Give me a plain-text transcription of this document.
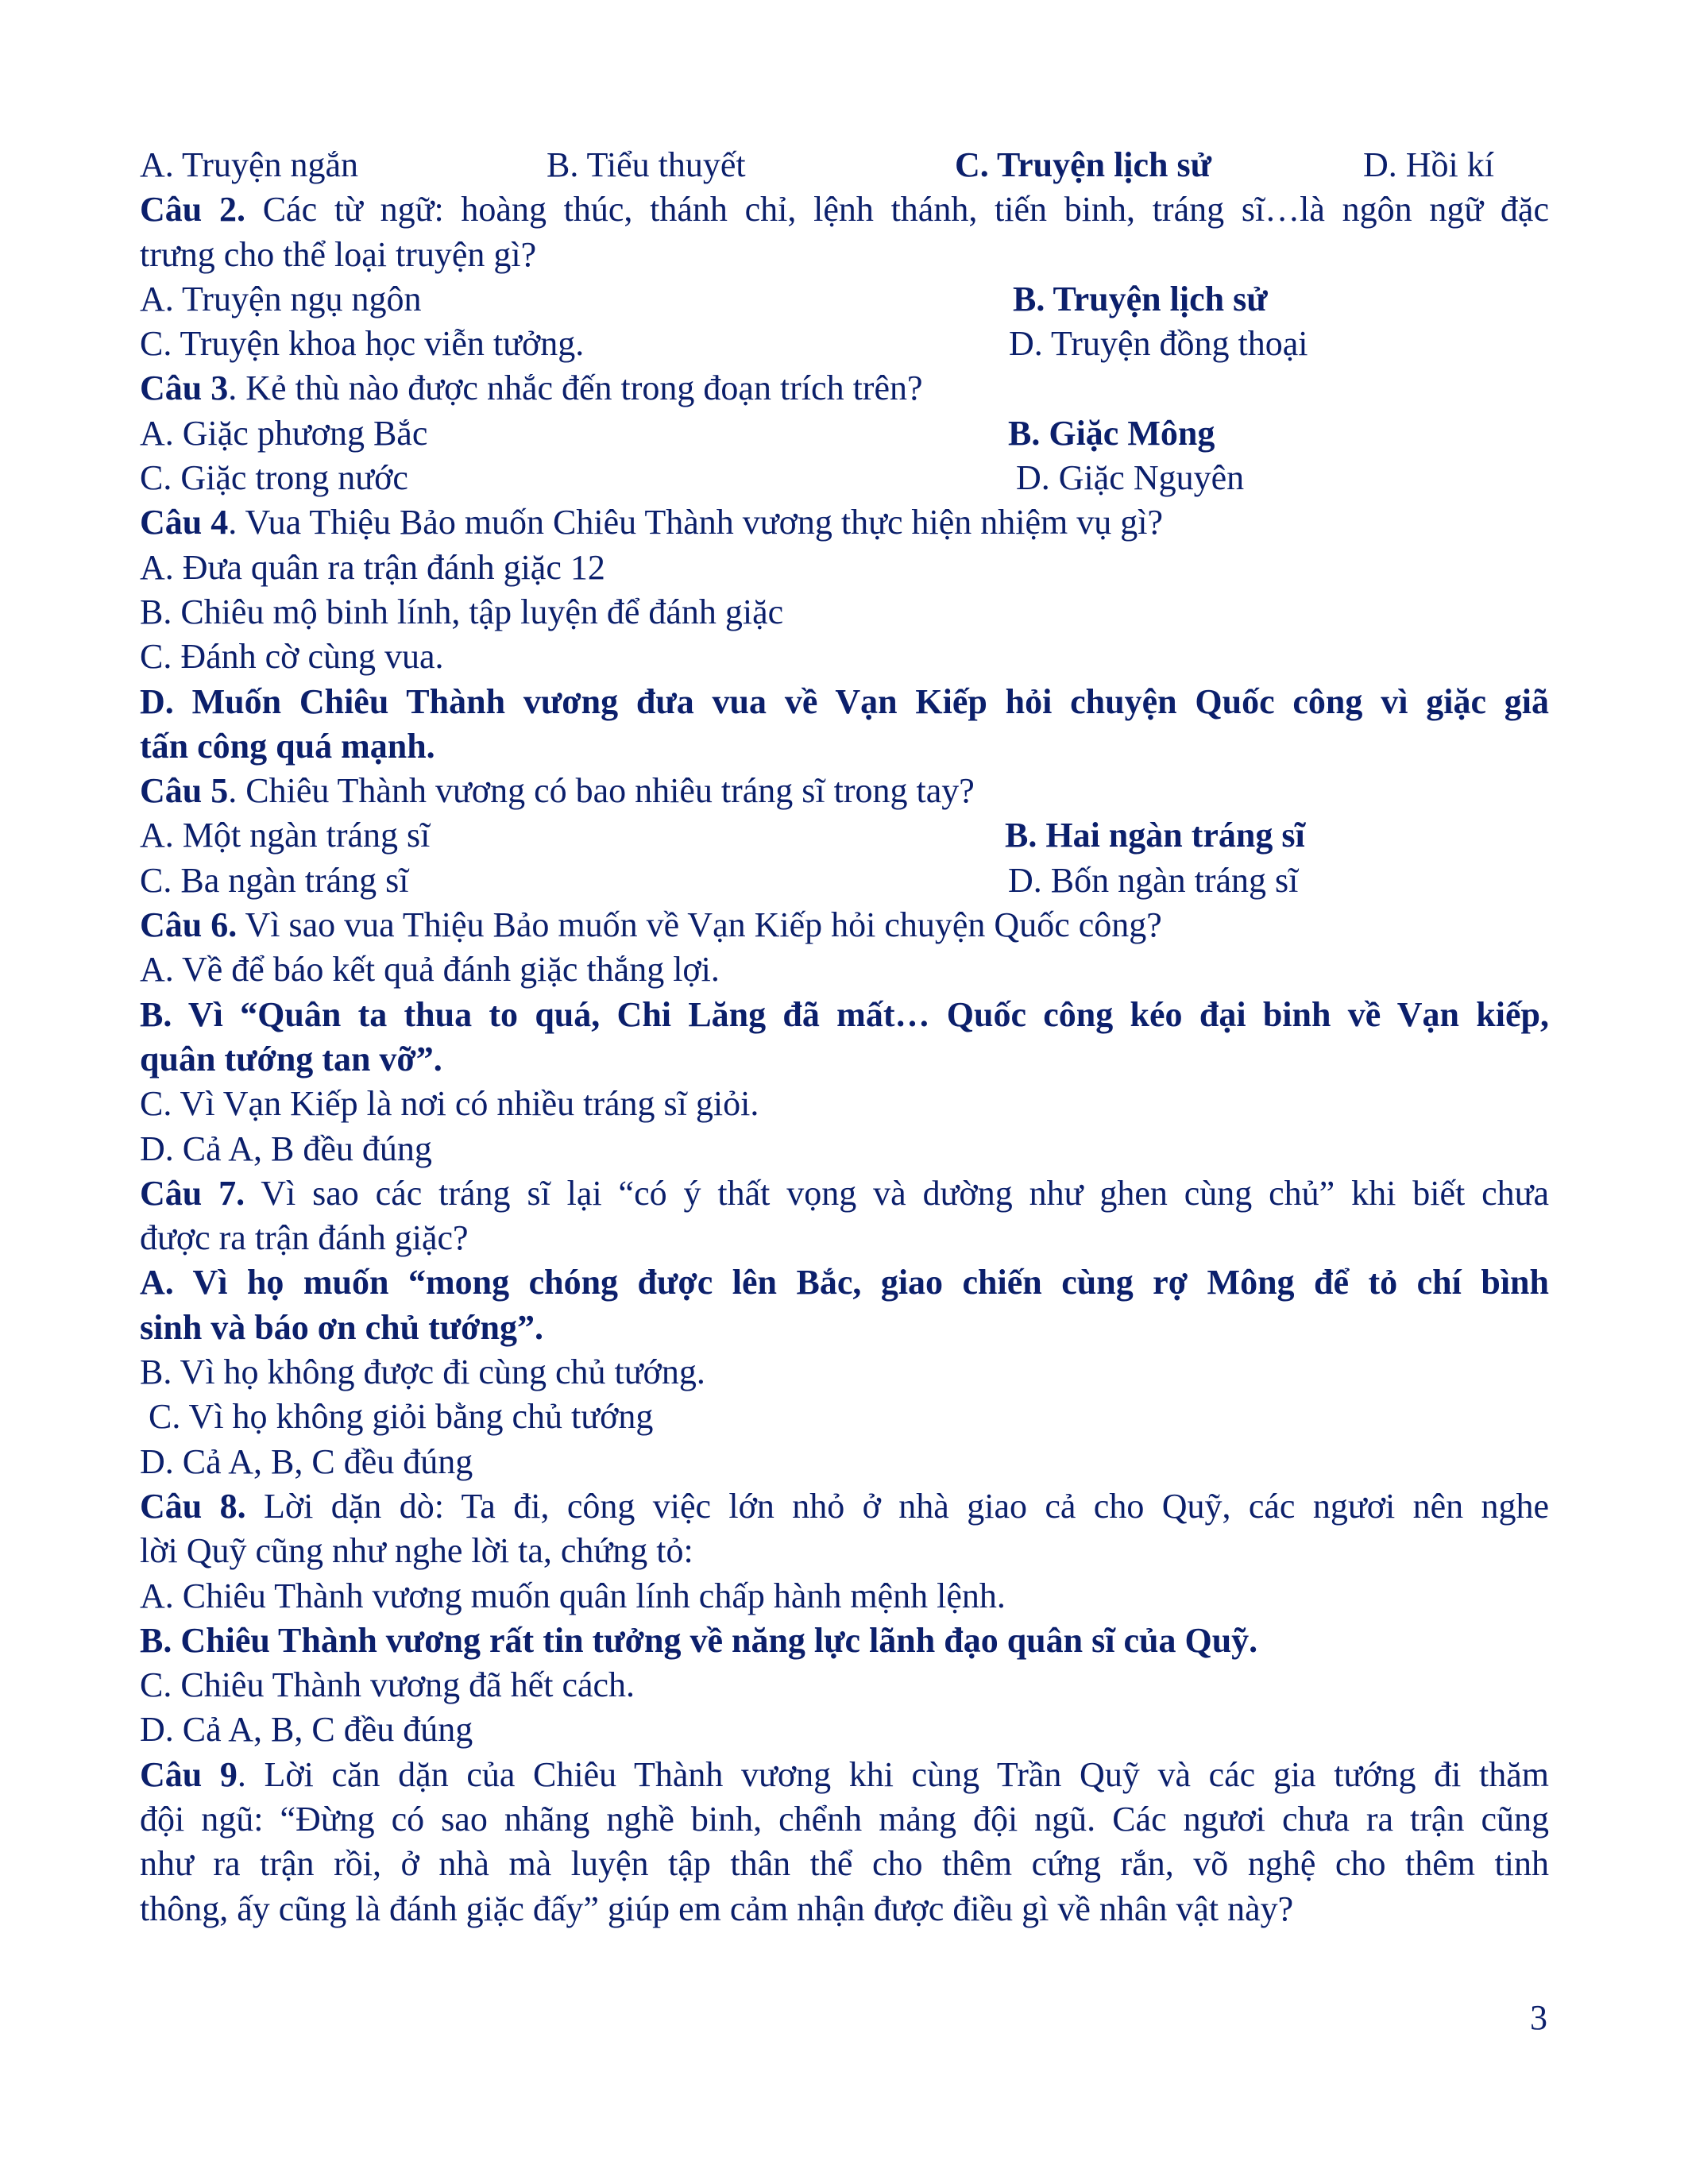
A. Truyện ngắn	B. Tiểu thuyết	C. Truyện lịch sử	D. Hồi kí
Câu 2. Các từ ngữ: hoàng thúc, thánh chỉ, lệnh thánh, tiến binh, tráng sĩ…là ngôn ngữ đặc
trưng cho thể loại truyện gì?
A. Truyện ngụ ngôn	B. Truyện lịch sử
C. Truyện khoa học viễn tưởng.	D. Truyện đồng thoại
Câu 3. Kẻ thù nào được nhắc đến trong đoạn trích trên?
A. Giặc phương Bắc	B. Giặc Mông
C. Giặc trong nước	D. Giặc Nguyên
Câu 4. Vua Thiệu Bảo muốn Chiêu Thành vương thực hiện nhiệm vụ gì?
A. Đưa quân ra trận đánh giặc 12
B. Chiêu mộ binh lính, tập luyện để đánh giặc
C. Đánh cờ cùng vua.
D. Muốn Chiêu Thành vương đưa vua về Vạn Kiếp hỏi chuyện Quốc công vì giặc giã
tấn công quá mạnh.
Câu 5. Chiêu Thành vương có bao nhiêu tráng sĩ trong tay?
A. Một ngàn tráng sĩ	B. Hai ngàn tráng sĩ
C. Ba ngàn tráng sĩ	D. Bốn ngàn tráng sĩ
Câu 6. Vì sao vua Thiệu Bảo muốn về Vạn Kiếp hỏi chuyện Quốc công?
A. Về để báo kết quả đánh giặc thắng lợi.
B. Vì “Quân ta thua to quá, Chi Lăng đã mất… Quốc công kéo đại binh về Vạn kiếp,
quân tướng tan vỡ”.
C. Vì Vạn Kiếp là nơi có nhiều tráng sĩ giỏi.
D. Cả A, B đều đúng
Câu 7. Vì sao các tráng sĩ lại “có ý thất vọng và dường như ghen cùng chủ” khi biết chưa
được ra trận đánh giặc?
A. Vì họ muốn “mong chóng được lên Bắc, giao chiến cùng rợ Mông để tỏ chí bình
sinh và báo ơn chủ tướng”.
B. Vì họ không được đi cùng chủ tướng.
C. Vì họ không giỏi bằng chủ tướng
D. Cả A, B, C đều đúng
Câu 8. Lời dặn dò: Ta đi, công việc lớn nhỏ ở nhà giao cả cho Quỹ, các ngươi nên nghe
lời Quỹ cũng như nghe lời ta, chứng tỏ:
A. Chiêu Thành vương muốn quân lính chấp hành mệnh lệnh.
B. Chiêu Thành vương rất tin tưởng về năng lực lãnh đạo quân sĩ của Quỹ.
C. Chiêu Thành vương đã hết cách.
D. Cả A, B, C đều đúng
Câu 9. Lời căn dặn của Chiêu Thành vương khi cùng Trần Quỹ và các gia tướng đi thăm
đội ngũ: “Đừng có sao nhãng nghề binh, chểnh mảng đội ngũ. Các ngươi chưa ra trận cũng
như ra trận rồi, ở nhà mà luyện tập thân thể cho thêm cứng rắn, võ nghệ cho thêm tinh
thông, ấy cũng là đánh giặc đấy” giúp em cảm nhận được điều gì về nhân vật này?
3
